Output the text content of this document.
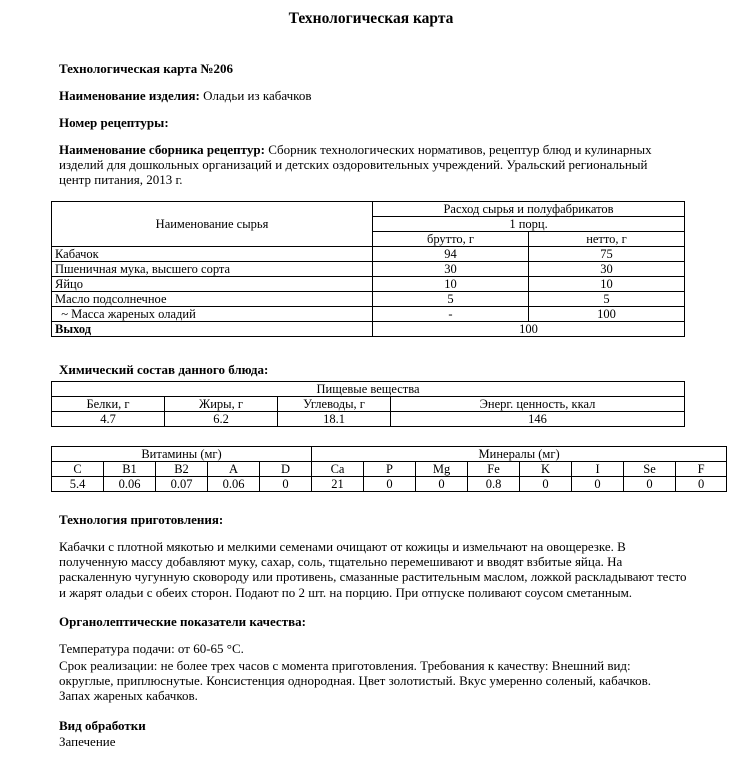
Технологическая карта
Технологическая карта №206
Наименование изделия: Оладьи из кабачков
Номер рецептуры:
Наименование сборника рецептур: Сборник технологических нормативов, рецептур блюд и кулинарных изделий для дошкольных организаций и детских оздоровительных учреждений. Уральский региональный центр питания, 2013 г.
Наименование сырья	Расход сырья и полуфабрикатов	
	1 порц.	
	брутто, г	нетто, г
Кабачок	94	75
Пшеничная мука, высшего сорта	30	30
Яйцо	10	10
Масло подсолнечное	5	5
~ Масса жареных оладий	-	100
Выход	100	
Химический состав данного блюда:
Пищевые вещества			
Белки, г	Жиры, г	Углеводы, г	Энерг. ценность, ккал
4.7	6.2	18.1	146
Витамины (мг)					Минералы (мг)							
C	B1	B2	A	D	Ca	P	Mg	Fe	K	I	Se	F
5.4	0.06	0.07	0.06	0	21	0	0	0.8	0	0	0	0
Технология приготовления:
Кабачки с плотной мякотью и мелкими семенами очищают от кожицы и измельчают на овощерезке. В полученную массу добавляют муку, сахар, соль, тщательно перемешивают и вводят взбитые яйца. На раскаленную чугунную сковороду или противень, смазанные растительным маслом, ложкой раскладывают тесто и жарят оладьи с обеих сторон. Подают по 2 шт. на порцию. При отпуске поливают соусом сметанным.
Органолептические показатели качества:
Температура подачи: от 60-65 °C.
Срок реализации: не более трех часов с момента приготовления. Требования к качеству: Внешний вид: округлые, приплюснутые. Консистенция однородная. Цвет золотистый. Вкус умеренно соленый, кабачков. Запах жареных кабачков.
Вид обработки
Запечение
